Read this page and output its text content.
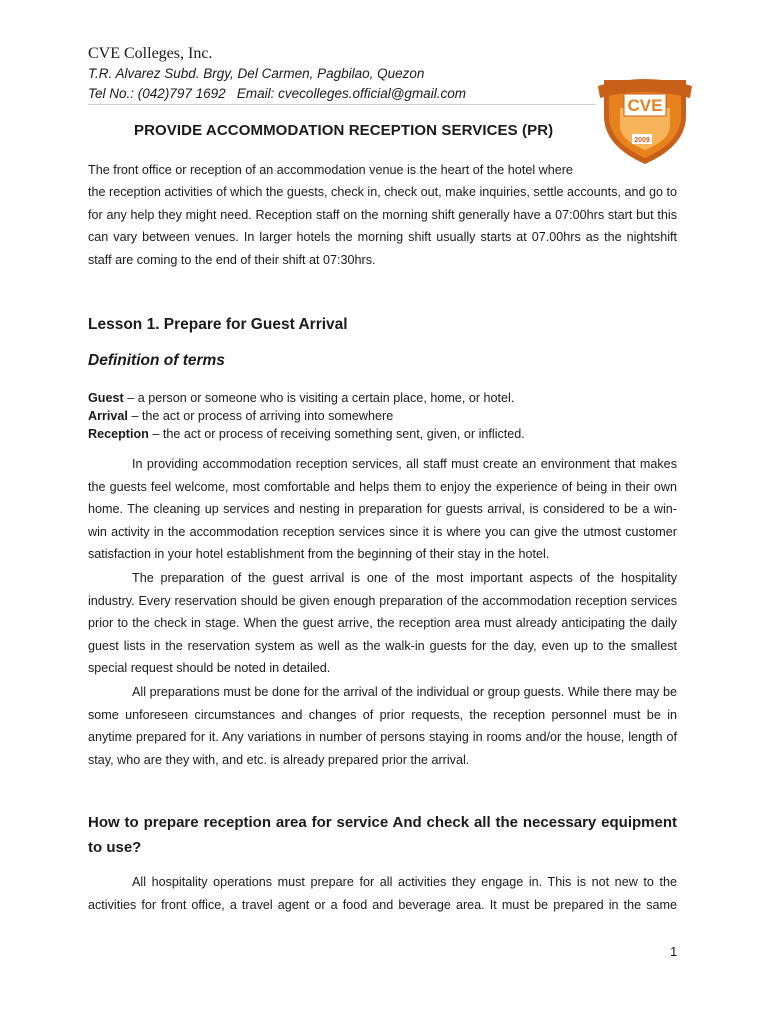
CVE Colleges, Inc.

T.R. Alvarez Subd. Brgy, Del Carmen, Pagbilao, Quezon

Tel No.: (042)797 1692 Email: cvecolleges.official@gmail.com

CVE
2009

PROVIDE ACCOMMODATION RECEPTION SERVICES (PR)

The front office or reception of an accommodation venue is the heart of the hotel where

the reception activities of which the guests, check in, check out, make inquiries, settle accounts, and go to for any help they might need. Reception staff on the morning shift generally have a 07:00hrs start but this can vary between venues. In larger hotels the morning shift usually starts at 07.00hrs as the nightshift staff are coming to the end of their shift at 07:30hrs.

Lesson 1. Prepare for Guest Arrival

Definition of terms

Guest – a person or someone who is visiting a certain place, home, or hotel.
Arrival – the act or process of arriving into somewhere
Reception – the act or process of receiving something sent, given, or inflicted.

In providing accommodation reception services, all staff must create an environment that makes the guests feel welcome, most comfortable and helps them to enjoy the experience of being in their own home. The cleaning up services and nesting in preparation for guests arrival, is considered to be a win-win activity in the accommodation reception services since it is where you can give the utmost customer satisfaction in your hotel establishment from the beginning of their stay in the hotel.

The preparation of the guest arrival is one of the most important aspects of the hospitality industry. Every reservation should be given enough preparation of the accommodation reception services prior to the check in stage. When the guest arrive, the reception area must already anticipating the daily guest lists in the reservation system as well as the walk-in guests for the day, even up to the smallest special request should be noted in detailed.

All preparations must be done for the arrival of the individual or group guests. While there may be some unforeseen circumstances and changes of prior requests, the reception personnel must be in anytime prepared for it. Any variations in number of persons staying in rooms and/or the house, length of stay, who are they with, and etc. is already prepared prior the arrival.

How to prepare reception area for service And check all the necessary equipment to use?

All hospitality operations must prepare for all activities they engage in. This is not new to the activities for front office, a travel agent or a food and beverage area. It must be prepared in the same

1
